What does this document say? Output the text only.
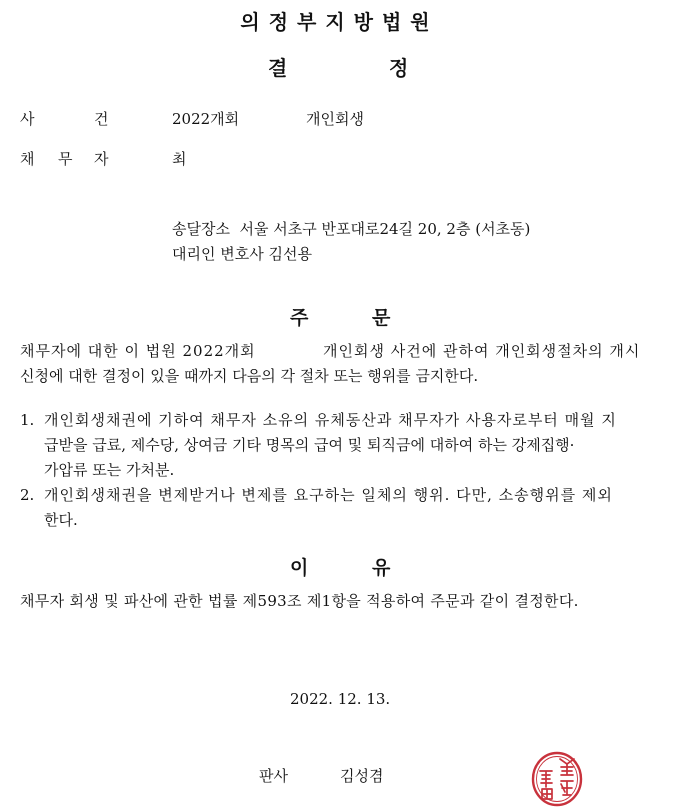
의정부지방법원
결	정
사	건	2022개회	개인회생
채 무 자	최
송달장소  서울 서초구 반포대로24길 20, 2층 (서초동)
대리인 변호사 김선용
주	문
채무자에 대한 이 법원 2022개회	개인회생 사건에 관하여 개인회생절차의 개시
신청에 대한 결정이 있을 때까지 다음의 각 절차 또는 행위를 금지한다.
1. 개인회생채권에 기하여 채무자 소유의 유체동산과 채무자가 사용자로부터 매월 지
급받을 급료, 제수당, 상여금 기타 명목의 급여 및 퇴직금에 대하여 하는 강제집행·
가압류 또는 가처분.
2. 개인회생채권을 변제받거나 변제를 요구하는 일체의 행위. 다만, 소송행위를 제외
한다.
이	유
채무자 회생 및 파산에 관한 법률 제593조 제1항을 적용하여 주문과 같이 결정한다.
2022. 12. 13.
판사	김성겸
